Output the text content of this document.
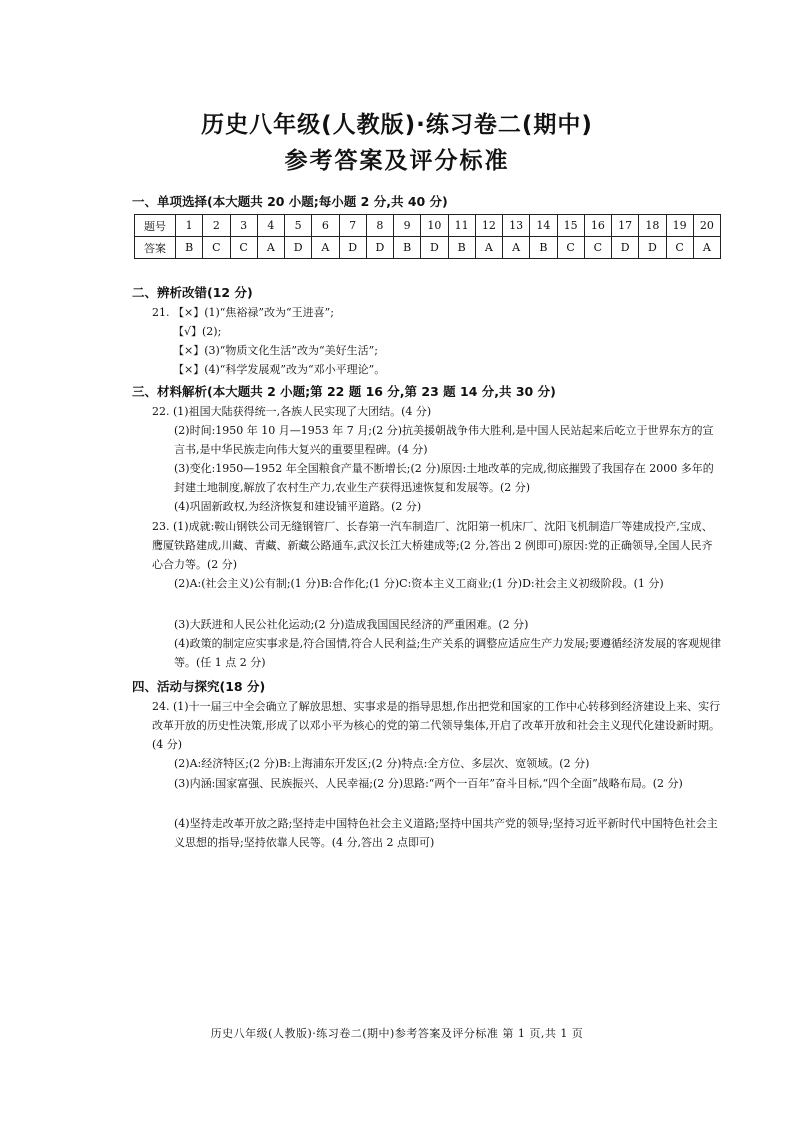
历史八年级(人教版)·练习卷二(期中)
参考答案及评分标准
一、单项选择(本大题共 20 小题;每小题 2 分,共 40 分)
题号	1	2	3	4	5	6	7	8	9	10	11	12	13	14	15	16	17	18	19	20
答案	B	C	C	A	D	A	D	D	B	D	B	A	A	B	C	C	D	D	C	A
二、辨析改错(12 分)
21. 【×】(1)“焦裕禄”改为“王进喜”;
【√】(2);
【×】(3)“物质文化生活”改为“美好生活”;
【×】(4)“科学发展观”改为“邓小平理论”。
三、材料解析(本大题共 2 小题;第 22 题 16 分,第 23 题 14 分,共 30 分)
22. (1)祖国大陆获得统一,各族人民实现了大团结。(4 分)
(2)时间:1950 年 10 月—1953 年 7 月;(2 分)抗美援朝战争伟大胜利,是中国人民站起来后屹立于世界东方的宣言书,是中华民族走向伟大复兴的重要里程碑。(4 分)
(3)变化:1950—1952 年全国粮食产量不断增长;(2 分)原因:土地改革的完成,彻底摧毁了我国存在 2000 多年的封建土地制度,解放了农村生产力,农业生产获得迅速恢复和发展等。(2 分)
(4)巩固新政权,为经济恢复和建设铺平道路。(2 分)
23. (1)成就:鞍山钢铁公司无缝钢管厂、长春第一汽车制造厂、沈阳第一机床厂、沈阳飞机制造厂等建成投产,宝成、鹰厦铁路建成,川藏、青藏、新藏公路通车,武汉长江大桥建成等;(2 分,答出 2 例即可)原因:党的正确领导,全国人民齐心合力等。(2 分)
(2)A:(社会主义)公有制;(1 分)B:合作化;(1 分)C:资本主义工商业;(1 分)D:社会主义初级阶段。(1 分)
(3)大跃进和人民公社化运动;(2 分)造成我国国民经济的严重困难。(2 分)
(4)政策的制定应实事求是,符合国情,符合人民利益;生产关系的调整应适应生产力发展;要遵循经济发展的客观规律等。(任 1 点 2 分)
四、活动与探究(18 分)
24. (1)十一届三中全会确立了解放思想、实事求是的指导思想,作出把党和国家的工作中心转移到经济建设上来、实行改革开放的历史性决策,形成了以邓小平为核心的党的第二代领导集体,开启了改革开放和社会主义现代化建设新时期。(4 分)
(2)A:经济特区;(2 分)B:上海浦东开发区;(2 分)特点:全方位、多层次、宽领域。(2 分)
(3)内涵:国家富强、民族振兴、人民幸福;(2 分)思路:“两个一百年”奋斗目标,“四个全面”战略布局。(2 分)
(4)坚持走改革开放之路;坚持走中国特色社会主义道路;坚持中国共产党的领导;坚持习近平新时代中国特色社会主义思想的指导;坚持依靠人民等。(4 分,答出 2 点即可)
历史八年级(人教版)·练习卷二(期中)参考答案及评分标准 第 1 页,共 1 页
